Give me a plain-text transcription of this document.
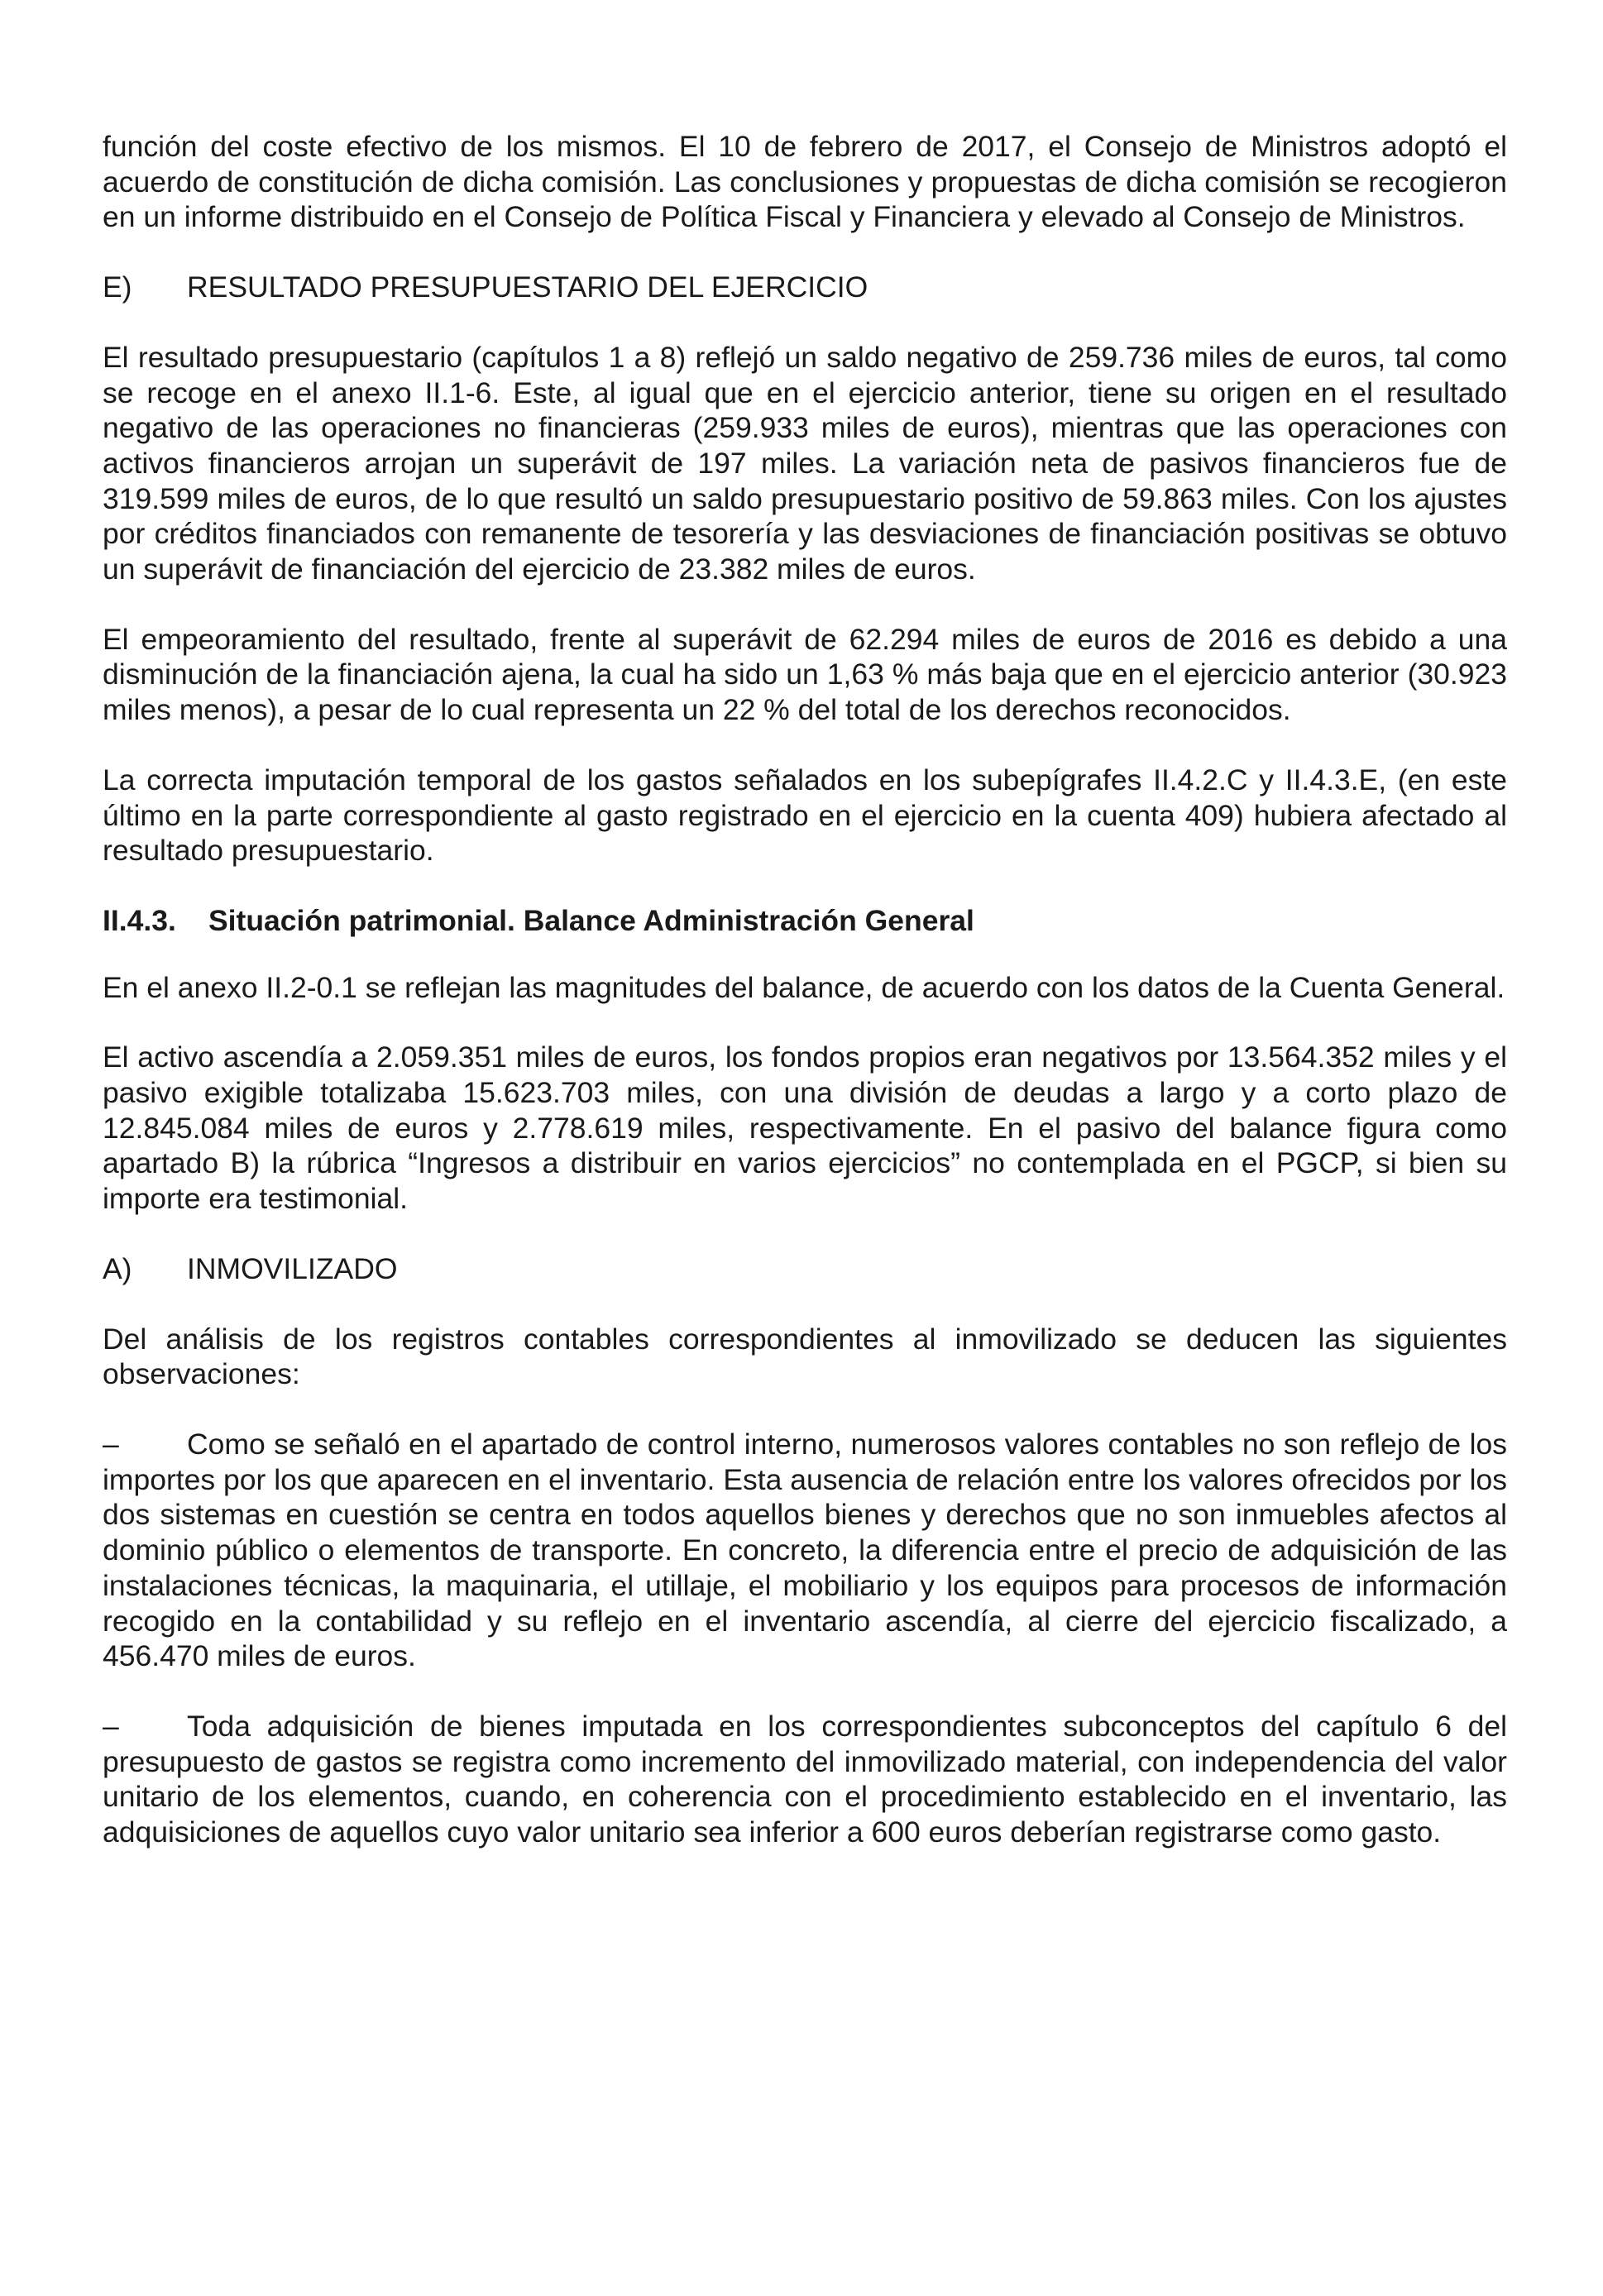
función del coste efectivo de los mismos. El 10 de febrero de 2017, el Consejo de Ministros adoptó el acuerdo de constitución de dicha comisión. Las conclusiones y propuestas de dicha comisión se recogieron en un informe distribuido en el Consejo de Política Fiscal y Financiera y elevado al Consejo de Ministros.

E)	RESULTADO PRESUPUESTARIO DEL EJERCICIO

El resultado presupuestario (capítulos 1 a 8) reflejó un saldo negativo de 259.736 miles de euros, tal como se recoge en el anexo II.1-6. Este, al igual que en el ejercicio anterior, tiene su origen en el resultado negativo de las operaciones no financieras (259.933 miles de euros), mientras que las operaciones con activos financieros arrojan un superávit de 197 miles. La variación neta de pasivos financieros fue de 319.599 miles de euros, de lo que resultó un saldo presupuestario positivo de 59.863 miles. Con los ajustes por créditos financiados con remanente de tesorería y las desviaciones de financiación positivas se obtuvo un superávit de financiación del ejercicio de 23.382 miles de euros.

El empeoramiento del resultado, frente al superávit de 62.294 miles de euros de 2016 es debido a una disminución de la financiación ajena, la cual ha sido un 1,63 % más baja que en el ejercicio anterior (30.923 miles menos), a pesar de lo cual representa un 22 % del total de los derechos reconocidos.

La correcta imputación temporal de los gastos señalados en los subepígrafes II.4.2.C y II.4.3.E, (en este último en la parte correspondiente al gasto registrado en el ejercicio en la cuenta 409) hubiera afectado al resultado presupuestario.

II.4.3.	Situación patrimonial. Balance Administración General

En el anexo II.2-0.1 se reflejan las magnitudes del balance, de acuerdo con los datos de la Cuenta General.

El activo ascendía a 2.059.351 miles de euros, los fondos propios eran negativos por 13.564.352 miles y el pasivo exigible totalizaba 15.623.703 miles, con una división de deudas a largo y a corto plazo de 12.845.084 miles de euros y 2.778.619 miles, respectivamente. En el pasivo del balance figura como apartado B) la rúbrica “Ingresos a distribuir en varios ejercicios” no contemplada en el PGCP, si bien su importe era testimonial.

A)	INMOVILIZADO

Del análisis de los registros contables correspondientes al inmovilizado se deducen las siguientes observaciones:

– Como se señaló en el apartado de control interno, numerosos valores contables no son reflejo de los importes por los que aparecen en el inventario. Esta ausencia de relación entre los valores ofrecidos por los dos sistemas en cuestión se centra en todos aquellos bienes y derechos que no son inmuebles afectos al dominio público o elementos de transporte. En concreto, la diferencia entre el precio de adquisición de las instalaciones técnicas, la maquinaria, el utillaje, el mobiliario y los equipos para procesos de información recogido en la contabilidad y su reflejo en el inventario ascendía, al cierre del ejercicio fiscalizado, a 456.470 miles de euros.

– Toda adquisición de bienes imputada en los correspondientes subconceptos del capítulo 6 del presupuesto de gastos se registra como incremento del inmovilizado material, con independencia del valor unitario de los elementos, cuando, en coherencia con el procedimiento establecido en el inventario, las adquisiciones de aquellos cuyo valor unitario sea inferior a 600 euros deberían registrarse como gasto.
